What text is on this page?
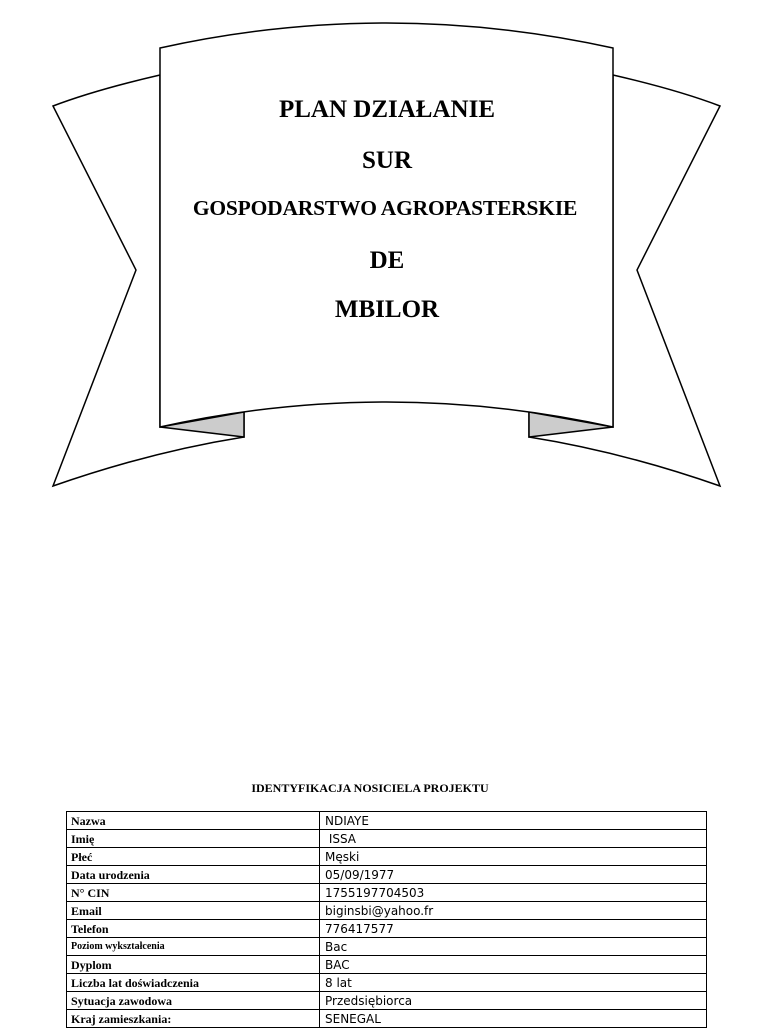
PLAN DZIAŁANIE
SUR
GOSPODARSTWO AGROPASTERSKIE
DE
MBILOR
IDENTYFIKACJA NOSICIELA PROJEKTU
Nazwa	NDIAYE
Imię	ISSA
Płeć	Męski
Data urodzenia	05/09/1977
N° CIN	1755197704503
Email	biginsbi@yahoo.fr
Telefon	776417577
Poziom wykształcenia	Bac
Dyplom	BAC
Liczba lat doświadczenia	8 lat
Sytuacja zawodowa	Przedsiębiorca
Kraj zamieszkania:	SENEGAL
